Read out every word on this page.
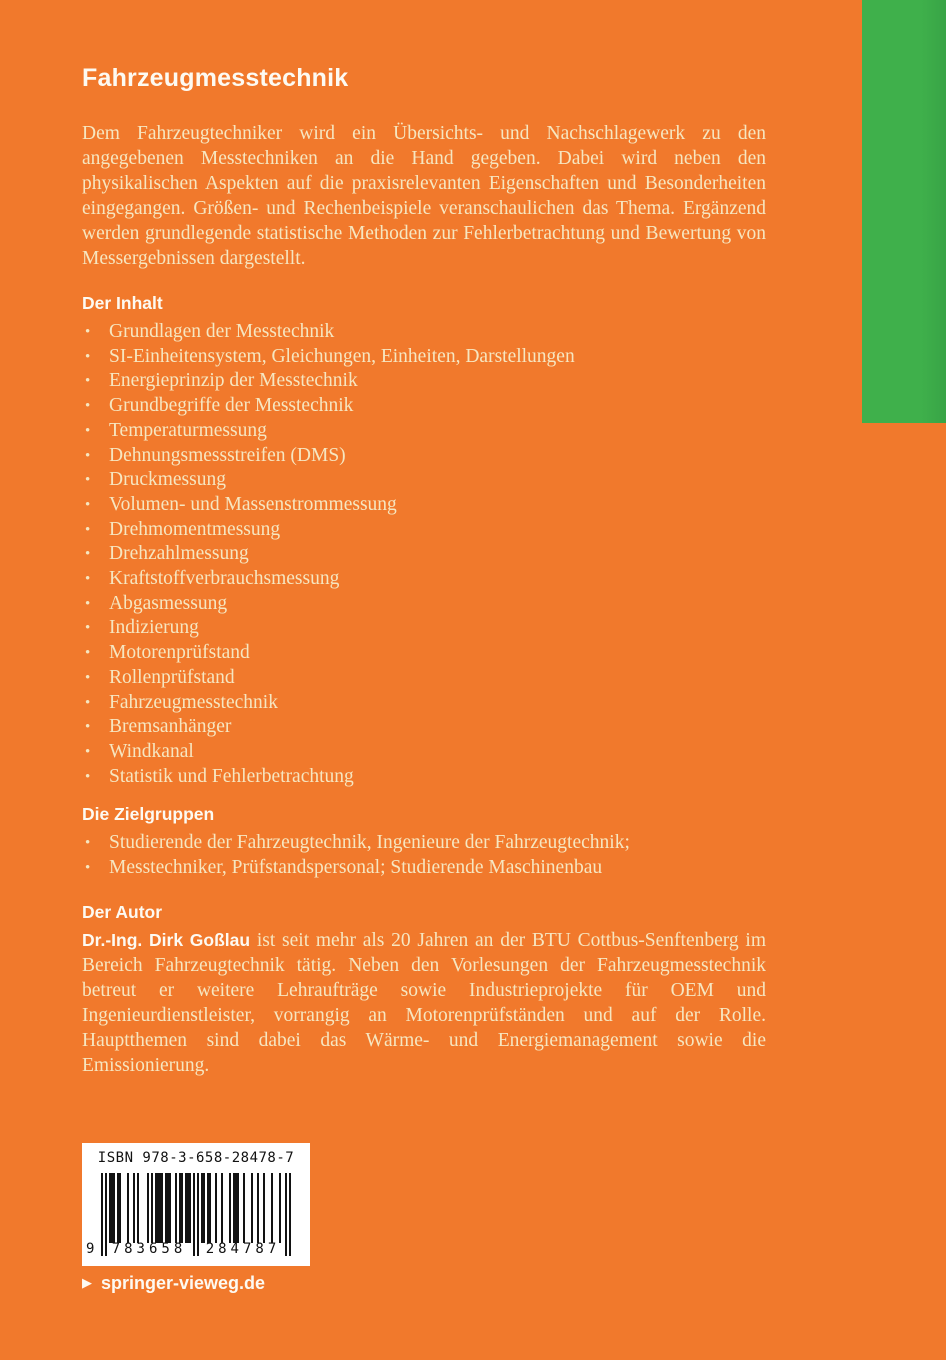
Fahrzeugmesstechnik

Dem Fahrzeugtechniker wird ein Übersichts- und Nachschlagewerk zu den angegebenen Messtechniken an die Hand gegeben. Dabei wird neben den physikalischen Aspekten auf die praxisrelevanten Eigenschaften und Besonderheiten eingegangen. Größen- und Rechenbeispiele veranschaulichen das Thema. Ergänzend werden grundlegende statistische Methoden zur Fehlerbetrachtung und Bewertung von Messergebnissen dargestellt.

Der Inhalt
• Grundlagen der Messtechnik
• SI-Einheitensystem, Gleichungen, Einheiten, Darstellungen
• Energieprinzip der Messtechnik
• Grundbegriffe der Messtechnik
• Temperaturmessung
• Dehnungsmessstreifen (DMS)
• Druckmessung
• Volumen- und Massenstrommessung
• Drehmomentmessung
• Drehzahlmessung
• Kraftstoffverbrauchsmessung
• Abgasmessung
• Indizierung
• Motorenprüfstand
• Rollenprüfstand
• Fahrzeugmesstechnik
• Bremsanhänger
• Windkanal
• Statistik und Fehlerbetrachtung
Die Zielgruppen
• Studierende der Fahrzeugtechnik, Ingenieure der Fahrzeugtechnik;
• Messtechniker, Prüfstandspersonal; Studierende Maschinenbau
Der Autor

Dr.-Ing. Dirk Goßlau ist seit mehr als 20 Jahren an der BTU Cottbus-Senftenberg im Bereich Fahrzeugtechnik tätig. Neben den Vorlesungen der Fahrzeugmesstechnik betreut er weitere Lehraufträge sowie Industrieprojekte für OEM und Ingenieurdienstleister, vorrangig an Motorenprüfständen und auf der Rolle. Hauptthemen sind dabei das Wärme- und Energiemanagement sowie die Emissionierung.

ISBN 978-3-658-28478-7

9	783658	284787
▶ springer-vieweg.de
